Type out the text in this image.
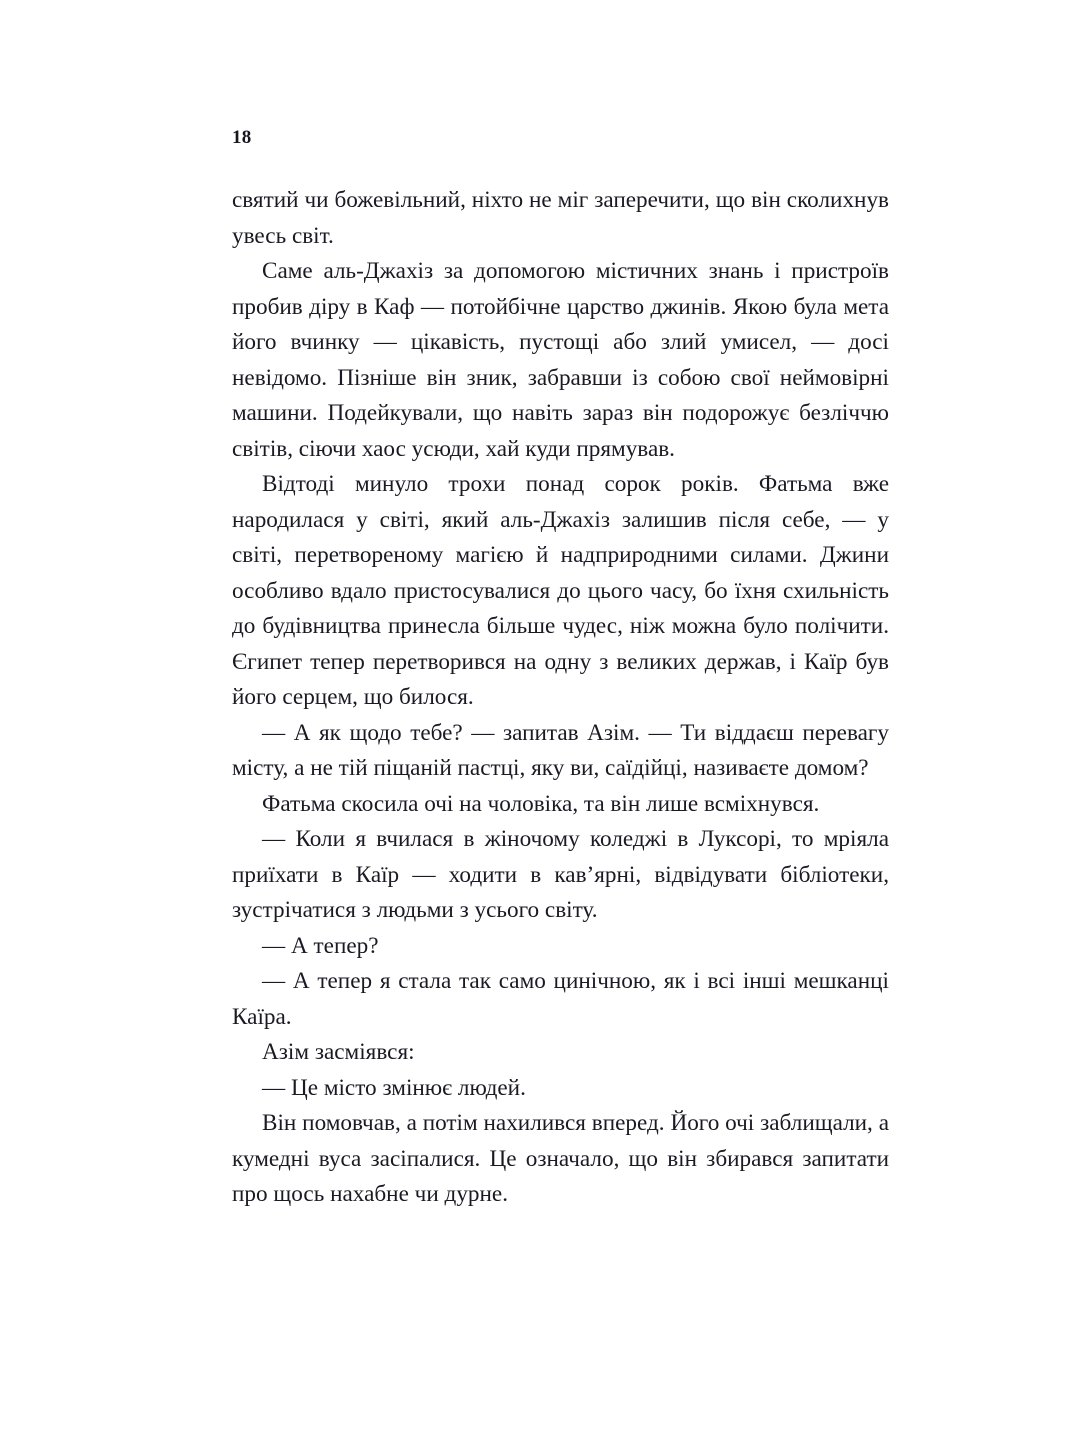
18

святий чи божевільний, ніхто не міг заперечити, що він сколихнув увесь світ.

Саме аль-Джахіз за допомогою містичних знань і пристроїв пробив діру в Каф — потойбічне царство джинів. Якою була мета його вчинку — цікавість, пустощі або злий умисел, — досі невідомо. Пізніше він зник, забравши із собою свої неймовірні машини. Подейкували, що навіть зараз він подорожує безліччю світів, сіючи хаос усюди, хай куди прямував.

Відтоді минуло трохи понад сорок років. Фатьма вже народилася у світі, який аль-Джахіз залишив після себе, — у світі, перетвореному магією й надприродними силами. Джини особливо вдало пристосувалися до цього часу, бо їхня схильність до будівництва принесла більше чудес, ніж можна було полічити. Єгипет тепер перетворився на одну з великих держав, і Каїр був його серцем, що билося.

— А як щодо тебе? — запитав Азім. — Ти віддаєш перевагу місту, а не тій піщаній пастці, яку ви, саїдійці, називаєте домом?

Фатьма скосила очі на чоловіка, та він лише всміхнувся.

— Коли я вчилася в жіночому коледжі в Луксорі, то мріяла приїхати в Каїр — ходити в кав’ярні, відвідувати бібліотеки, зустрічатися з людьми з усього світу.

— А тепер?

— А тепер я стала так само цинічною, як і всі інші мешканці Каїра.

Азім засміявся:

— Це місто змінює людей.

Він помовчав, а потім нахилився вперед. Його очі заблищали, а кумедні вуса засіпалися. Це означало, що він збирався запитати про щось нахабне чи дурне.
